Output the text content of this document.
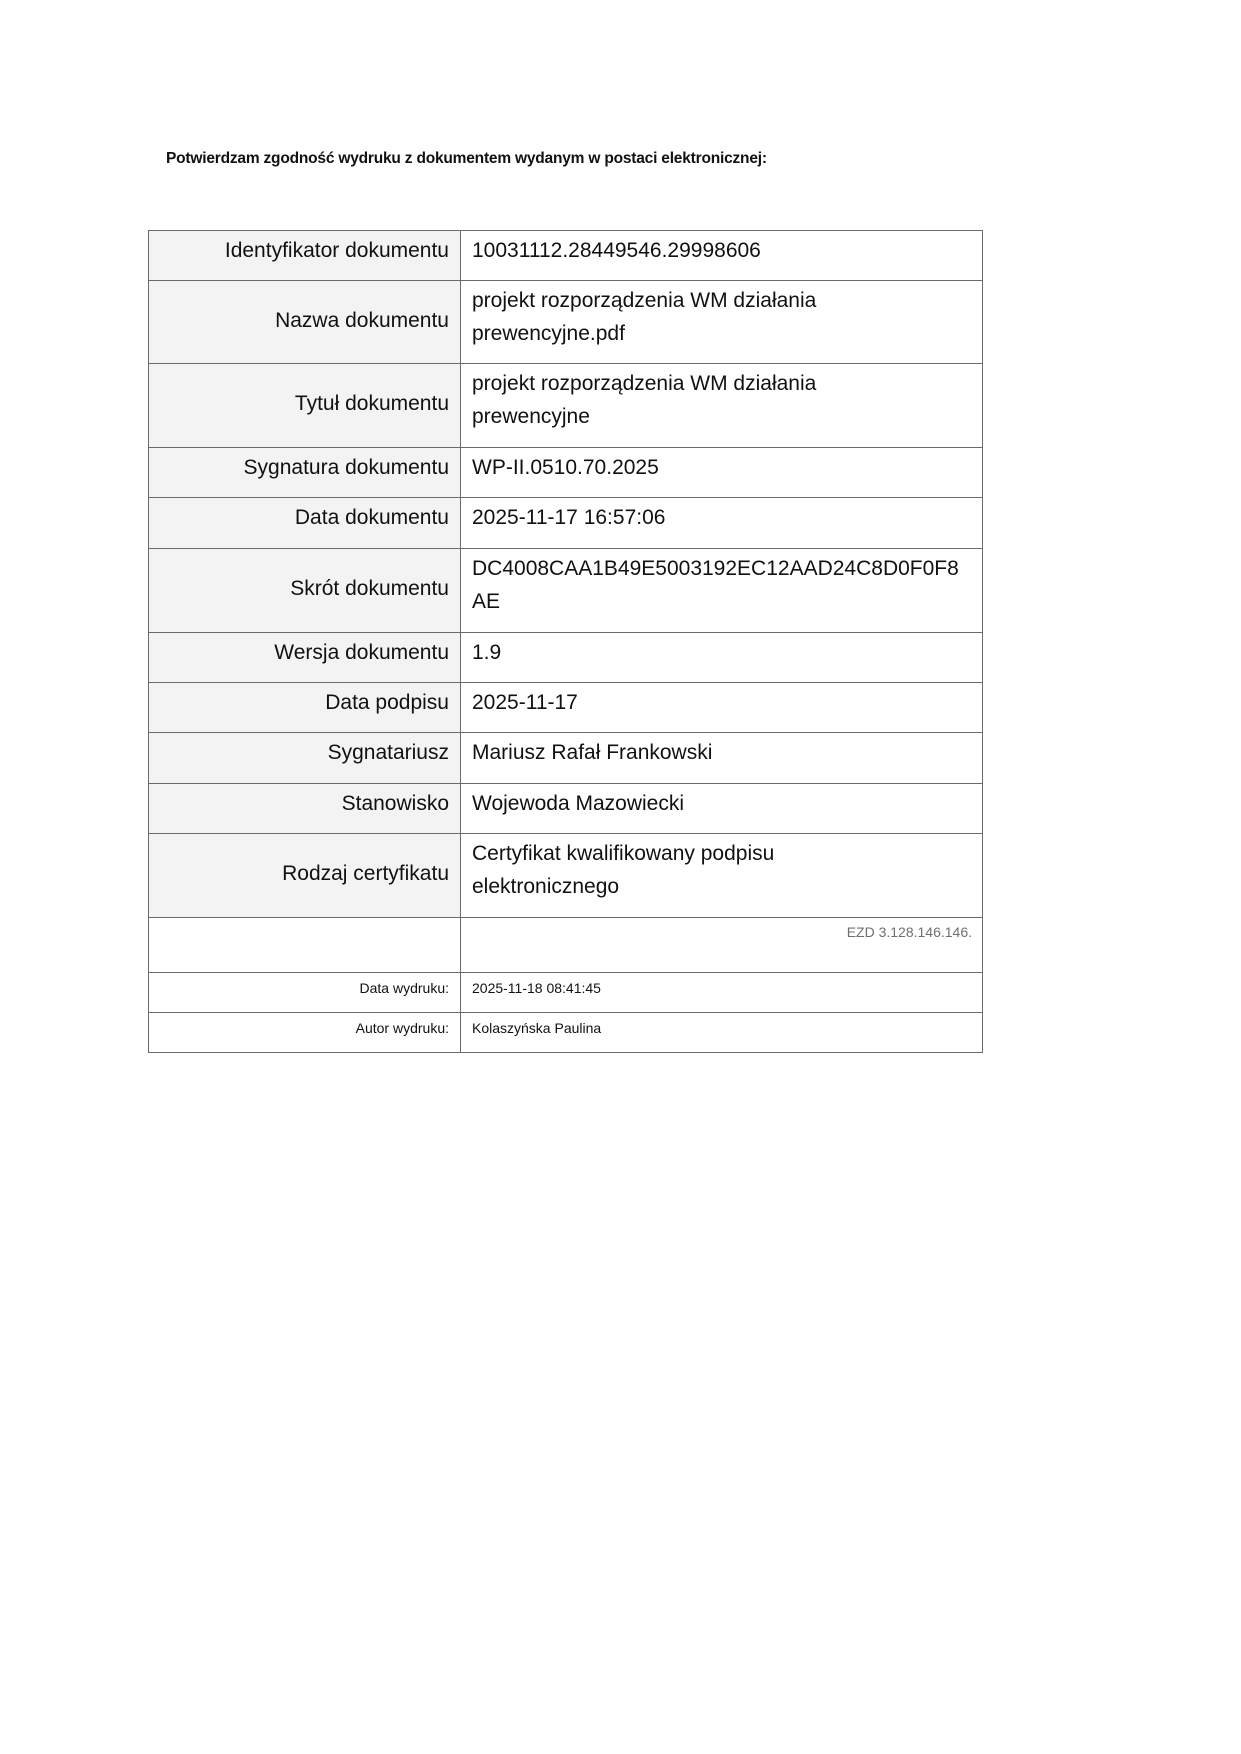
Potwierdzam zgodność wydruku z dokumentem wydanym w postaci elektronicznej:
Identyfikator dokumentu	10031112.28449546.29998606
Nazwa dokumentu	projekt rozporządzenia WM działania
prewencyjne.pdf

Tytuł dokumentu	projekt rozporządzenia WM działania
prewencyjne

Sygnatura dokumentu	WP-II.0510.70.2025
Data dokumentu	2025-11-17 16:57:06
Skrót dokumentu	DC4008CAA1B49E5003192EC12AAD24C8D0F0F8
AE

Wersja dokumentu	1.9
Data podpisu	2025-11-17
Sygnatariusz	Mariusz Rafał Frankowski
Stanowisko	Wojewoda Mazowiecki
Rodzaj certyfikatu	Certyfikat kwalifikowany podpisu
elektronicznego

	EZD 3.128.146.146.
Data wydruku:	2025-11-18 08:41:45
Autor wydruku:	Kolaszyńska Paulina
